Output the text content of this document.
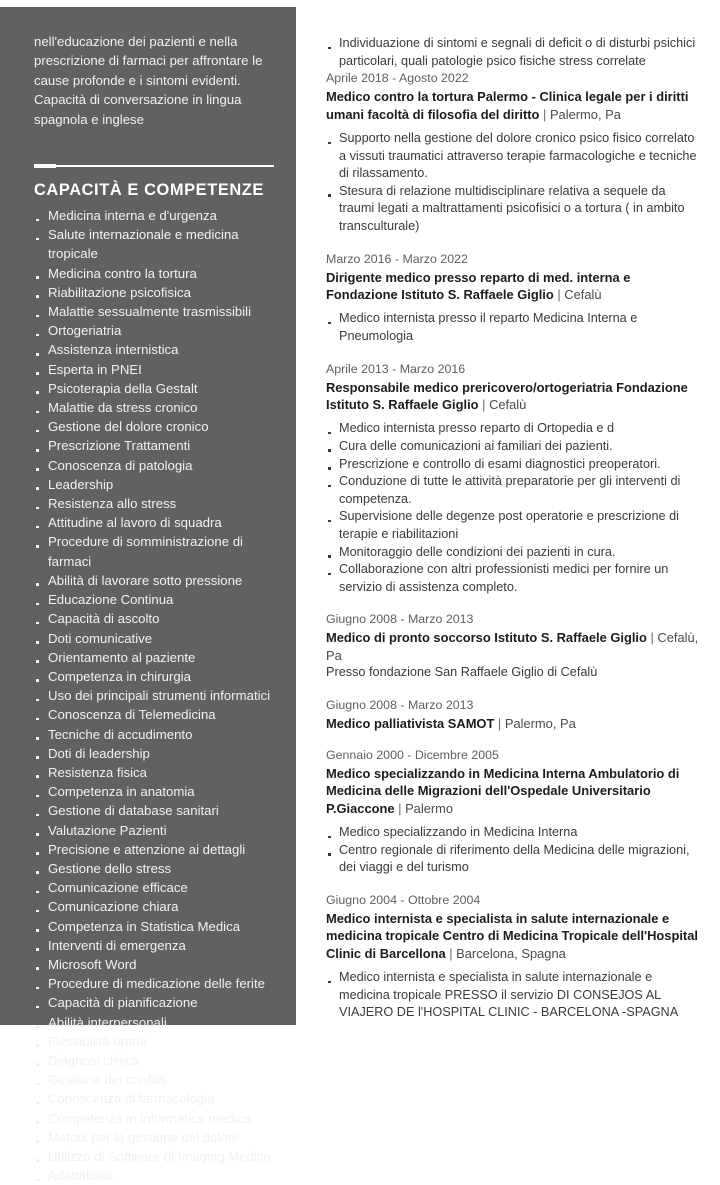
nell'educazione dei pazienti e nella prescrizione di farmaci per affrontare le cause profonde e i sintomi evidenti. Capacità di conversazione in lingua spagnola e inglese

CAPACITÀ E COMPETENZE
Medicina interna e d'urgenza
Salute internazionale e medicina tropicale
Medicina contro la tortura
Riabilitazione psicofisica
Malattie sessualmente trasmissibili
Ortogeriatria
Assistenza internistica
Esperta in PNEI
Psicoterapia della Gestalt
Malattie da stress cronico
Gestione del dolore cronico
Prescrizione Trattamenti
Conoscenza di patologia
Leadership
Resistenza allo stress
Attitudine al lavoro di squadra
Procedure di somministrazione di farmaci
Abilità di lavorare sotto pressione
Educazione Continua
Capacità di ascolto
Doti comunicative
Orientamento al paziente
Competenza in chirurgia
Uso dei principali strumenti informatici
Conoscenza di Telemedicina
Tecniche di accudimento
Doti di leadership
Resistenza fisica
Competenza in anatomia
Gestione di database sanitari
Valutazione Pazienti
Precisione e attenzione ai dettagli
Gestione dello stress
Comunicazione efficace
Comunicazione chiara
Competenza in Statistica Medica
Interventi di emergenza
Microsoft Word
Procedure di medicazione delle ferite
Capacità di pianificazione
Abilità interpersonali
Flessibilità oraria
Diagnosi clinica
Gestione dei conflitti
Conoscenza di farmacologia
Competenza in informatica medica
Metodi per la gestione del dolore
Utilizzo di Software di Imaging Medico
Adattabilità
Individuazione di sintomi e segnali di deficit o di disturbi psichici particolari, quali patologie psico fisiche stress correlate

Aprile 2018 - Agosto 2022

Medico contro la tortura Palermo - Clinica legale per i diritti umani facoltà di filosofia del diritto | Palermo, Pa

Supporto nella gestione del dolore cronico psico fisico correlato a vissuti traumatici attraverso terapie farmacologiche e tecniche di rilassamento.
Stesura di relazione multidisciplinare relativa a sequele da traumi legati a maltrattamenti psicofisici o a tortura ( in ambito transculturale)

Marzo 2016 - Marzo 2022

Dirigente medico presso reparto di med. interna e Fondazione Istituto S. Raffaele Giglio | Cefalù

Medico internista presso il reparto Medicina Interna e Pneumologia

Aprile 2013 - Marzo 2016

Responsabile medico prericovero/ortogeriatria Fondazione Istituto S. Raffaele Giglio | Cefalù

Medico internista presso reparto di Ortopedia e d
Cura delle comunicazioni ai familiari dei pazienti.
Prescrizione e controllo di esami diagnostici preoperatori.
Conduzione di tutte le attività preparatorie per gli interventi di competenza.
Supervisione delle degenze post operatorie e prescrizione di terapie e riabilitazioni
Monitoraggio delle condizioni dei pazienti in cura.
Collaborazione con altri professionisti medici per fornire un servizio di assistenza completo.

Giugno 2008 - Marzo 2013

Medico di pronto soccorso Istituto S. Raffaele Giglio | Cefalù, Pa

Presso fondazione San Raffaele Giglio di Cefalù

Giugno 2008 - Marzo 2013

Medico palliativista SAMOT | Palermo, Pa

Gennaio 2000 - Dicembre 2005

Medico specializzando in Medicina Interna Ambulatorio di Medicina delle Migrazioni dell'Ospedale Universitario P.Giaccone | Palermo

Medico specializzando in Medicina Interna
Centro regionale di riferimento della Medicina delle migrazioni, dei viaggi e del turismo

Giugno 2004 - Ottobre 2004

Medico internista e specialista in salute internazionale e medicina tropicale Centro di Medicina Tropicale dell'Hospital Clinic di Barcellona | Barcelona, Spagna

Medico internista e specialista in salute internazionale e medicina tropicale PRESSO il servizio DI CONSEJOS AL VIAJERO DE l'HOSPITAL CLINIC - BARCELONA -SPAGNA
